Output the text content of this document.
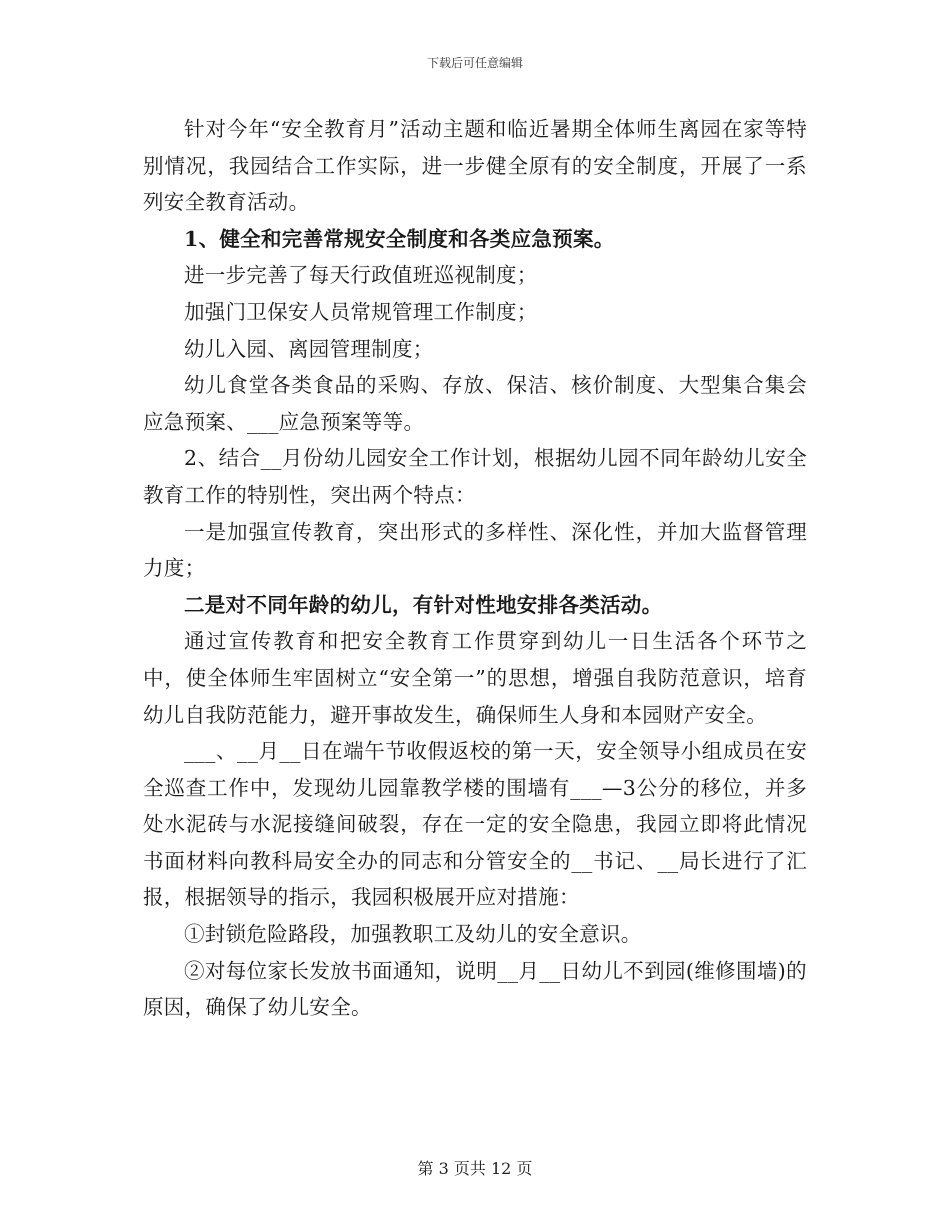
下载后可任意编辑

针对今年“安全教育月”活动主题和临近暑期全体师生离园在家等特别情况，我园结合工作实际，进一步健全原有的安全制度，开展了一系列安全教育活动。

1、健全和完善常规安全制度和各类应急预案。

进一步完善了每天行政值班巡视制度；

加强门卫保安人员常规管理工作制度；

幼儿入园、离园管理制度；

幼儿食堂各类食品的采购、存放、保洁、核价制度、大型集合集会应急预案、___应急预案等等。

2、结合__月份幼儿园安全工作计划，根据幼儿园不同年龄幼儿安全教育工作的特别性，突出两个特点：

一是加强宣传教育，突出形式的多样性、深化性，并加大监督管理力度；

二是对不同年龄的幼儿，有针对性地安排各类活动。

通过宣传教育和把安全教育工作贯穿到幼儿一日生活各个环节之中，使全体师生牢固树立“安全第一”的思想，增强自我防范意识，培育幼儿自我防范能力，避开事故发生，确保师生人身和本园财产安全。

___、__月__日在端午节收假返校的第一天，安全领导小组成员在安全巡查工作中，发现幼儿园靠教学楼的围墙有___—3公分的移位，并多处水泥砖与水泥接缝间破裂，存在一定的安全隐患，我园立即将此情况书面材料向教科局安全办的同志和分管安全的__书记、__局长进行了汇报，根据领导的指示，我园积极展开应对措施：

①封锁危险路段，加强教职工及幼儿的安全意识。

②对每位家长发放书面通知，说明__月__日幼儿不到园(维修围墙)的原因，确保了幼儿安全。

第 3 页共 12 页
